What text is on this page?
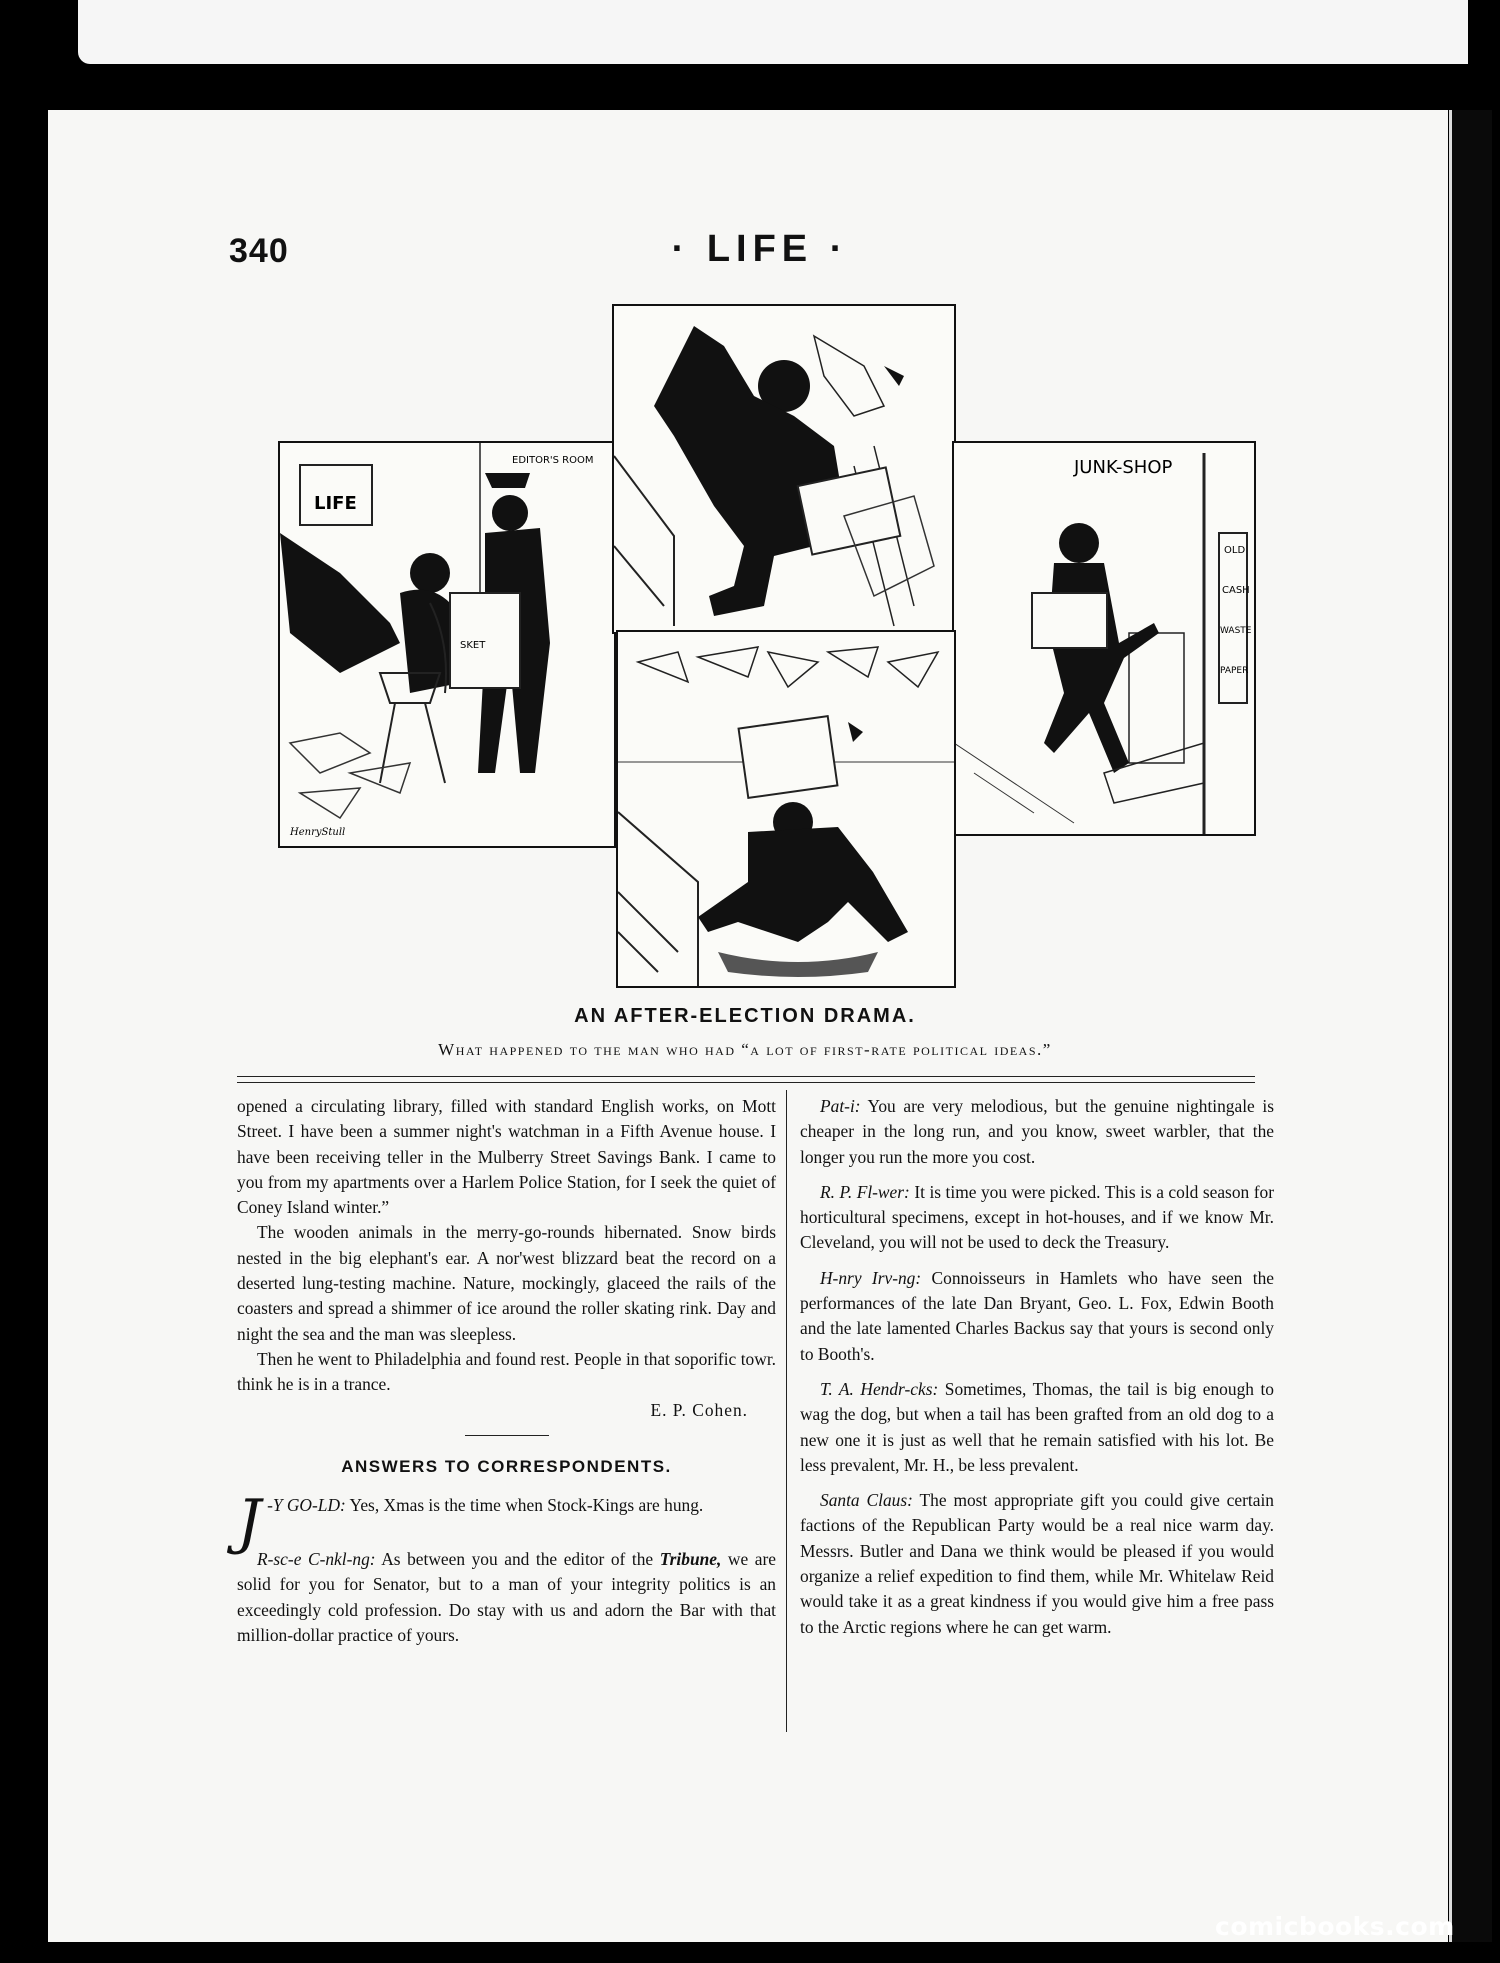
340	· LIFE ·
EDITOR'S ROOM
LIFE
SKET
HenryStull
JUNK-SHOP
OLD
CASH
WASTE
PAPER
AN AFTER-ELECTION DRAMA.
What happened to the man who had “a lot of first-rate political ideas.”

opened a circulating library, filled with standard English works, on Mott Street. I have been a summer night's watchman in a Fifth Avenue house. I have been receiving teller in the Mulberry Street Savings Bank. I came to you from my apartments over a Harlem Police Station, for I seek the quiet of Coney Island winter.”

The wooden animals in the merry-go-rounds hibernated. Snow birds nested in the big elephant's ear. A nor'west blizzard beat the record on a deserted lung-testing machine. Nature, mockingly, glaceed the rails of the coasters and spread a shimmer of ice around the roller skating rink. Day and night the sea and the man was sleepless.

Then he went to Philadelphia and found rest. People in that soporific towr. think he is in a trance.

E. P. Cohen.
ANSWERS TO CORRESPONDENTS.

J -Y GO-LD: Yes, Xmas is the time when Stock-Kings are hung.

R-sc-e C-nkl-ng: As between you and the editor of the Tribune, we are solid for you for Senator, but to a man of your integrity politics is an exceedingly cold profession. Do stay with us and adorn the Bar with that million-dollar practice of yours.

Pat-i: You are very melodious, but the genuine nightingale is cheaper in the long run, and you know, sweet warbler, that the longer you run the more you cost.

R. P. Fl-wer: It is time you were picked. This is a cold season for horticultural specimens, except in hot-houses, and if we know Mr. Cleveland, you will not be used to deck the Treasury.

H-nry Irv-ng: Connoisseurs in Hamlets who have seen the performances of the late Dan Bryant, Geo. L. Fox, Edwin Booth and the late lamented Charles Backus say that yours is second only to Booth's.

T. A. Hendr-cks: Sometimes, Thomas, the tail is big enough to wag the dog, but when a tail has been grafted from an old dog to a new one it is just as well that he remain satisfied with his lot. Be less prevalent, Mr. H., be less prevalent.

Santa Claus: The most appropriate gift you could give certain factions of the Republican Party would be a real nice warm day. Messrs. Butler and Dana we think would be pleased if you would organize a relief expedition to find them, while Mr. Whitelaw Reid would take it as a great kindness if you would give him a free pass to the Arctic regions where he can get warm.

comicbooks.com
